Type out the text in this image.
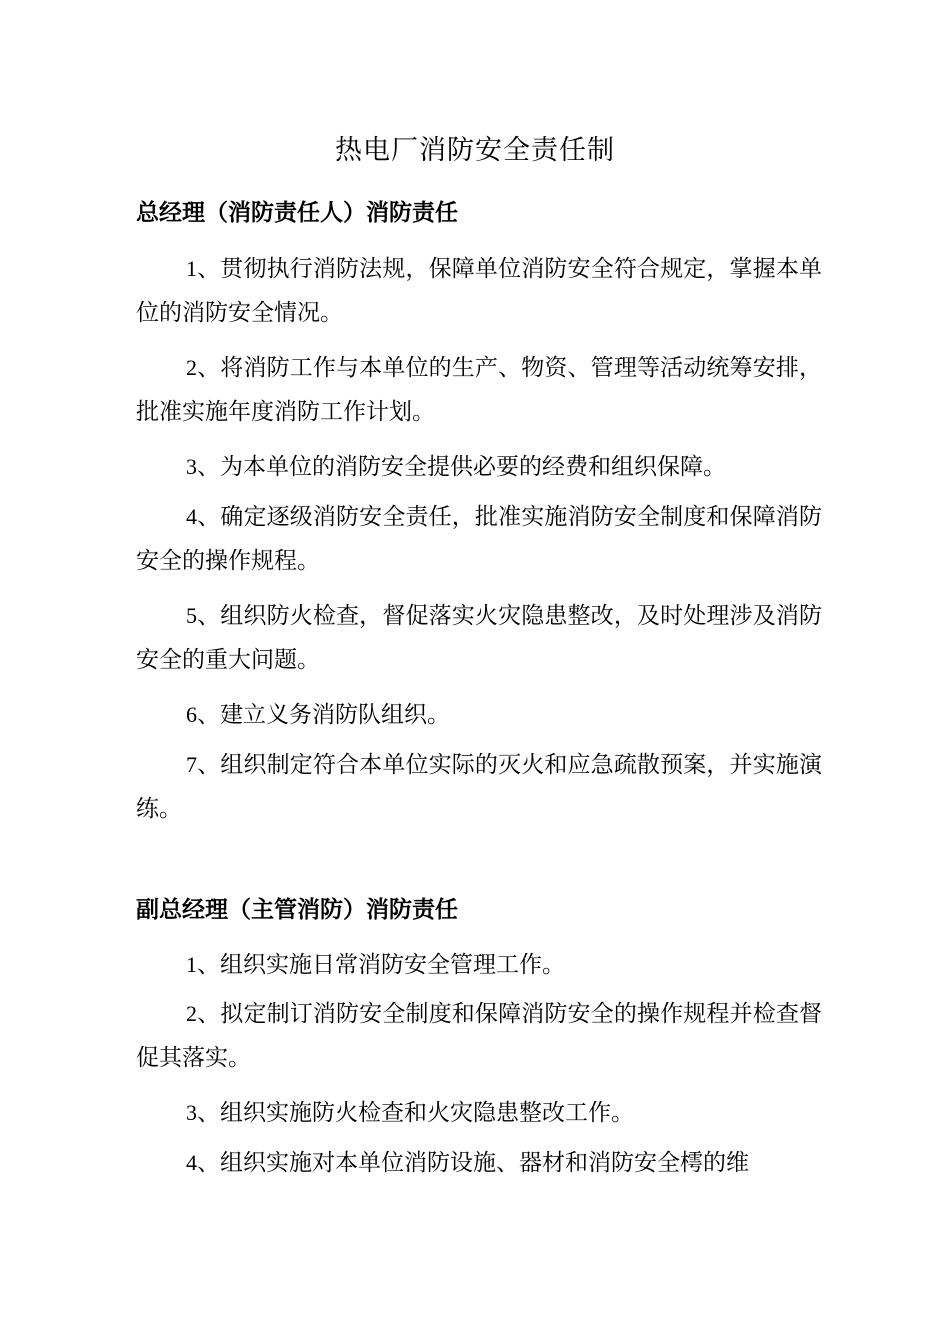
热电厂消防安全责任制
总经理（消防责任人）消防责任
1、贯彻执行消防法规，保障单位消防安全符合规定，掌握本单位的消防安全情况。
2、将消防工作与本单位的生产、物资、管理等活动统筹安排，批准实施年度消防工作计划。
3、为本单位的消防安全提供必要的经费和组织保障。
4、确定逐级消防安全责任，批准实施消防安全制度和保障消防安全的操作规程。
5、组织防火检查，督促落实火灾隐患整改，及时处理涉及消防安全的重大问题。
6、建立义务消防队组织。
7、组织制定符合本单位实际的灭火和应急疏散预案，并实施演练。
副总经理（主管消防）消防责任
1、组织实施日常消防安全管理工作。
2、拟定制订消防安全制度和保障消防安全的操作规程并检查督促其落实。
3、组织实施防火检查和火灾隐患整改工作。
4、组织实施对本单位消防设施、器材和消防安全樗的维
